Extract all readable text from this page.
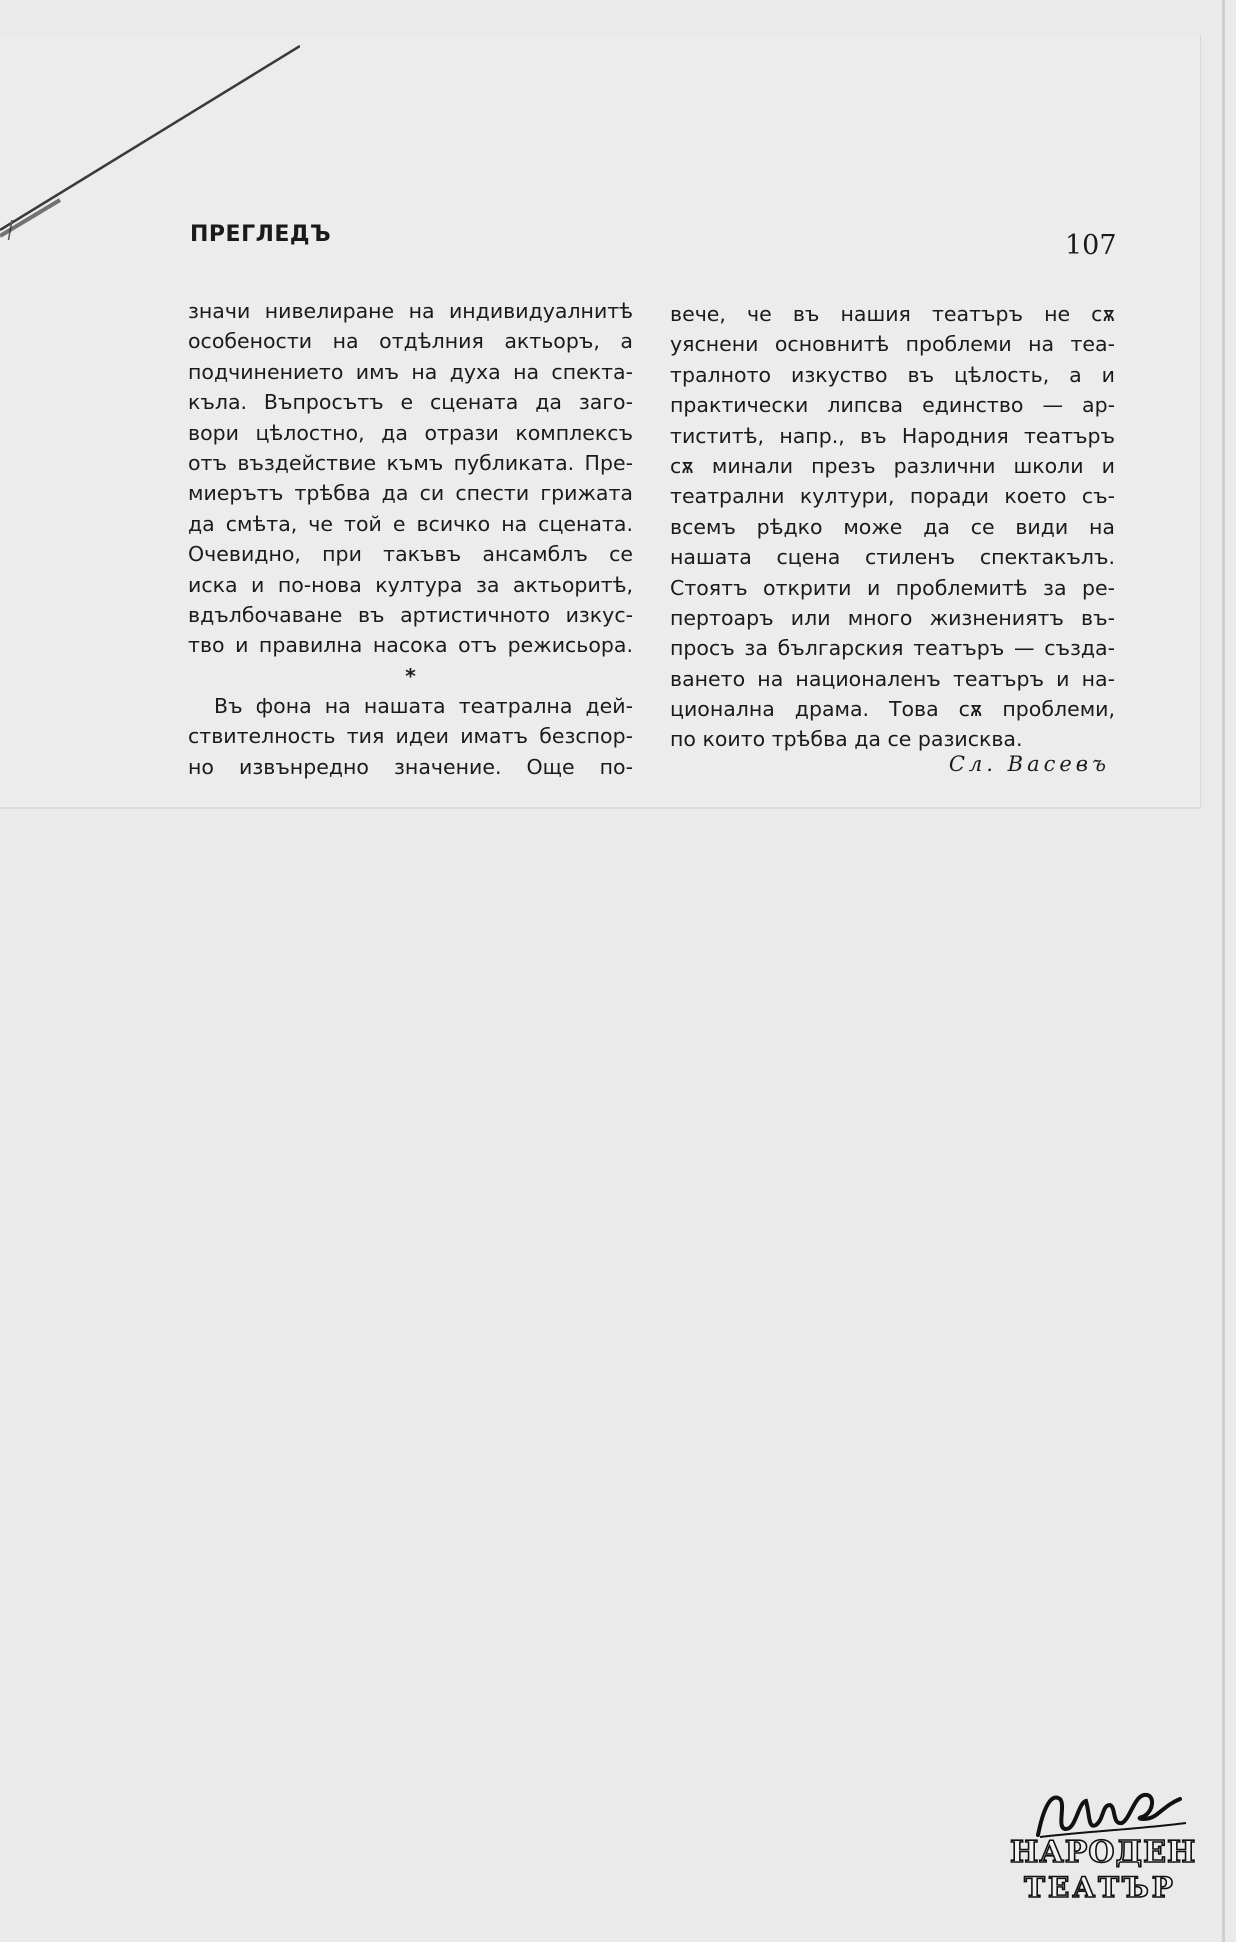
ПРЕГЛЕДЪ	107
значи нивелиране на индивидуалнитѣ
особености на отдѣлния актьоръ, а
подчинението имъ на духа на спекта-
къла. Въпросътъ е сцената да заго-
вори цѣлостно, да отрази комплексъ
отъ въздействие къмъ публиката. Пре-
миерътъ трѣбва да си спести грижата
да смѣта, че той е всичко на сцената.
Очевидно, при такъвъ ансамблъ се
иска и по-нова култура за актьоритѣ,
вдълбочаване въ артистичното изкус-
тво и правилна насока отъ режисьора.
*
Въ фона на нашата театрална дей-
ствителность тия идеи иматъ безспор-
но извънредно значение. Още по-
вече, че въ нашия театъръ не сѫ
уяснени основнитѣ проблеми на теа-
тралното изкуство въ цѣлость, а и
практически липсва единство — ар-
тиститѣ, напр., въ Народния театъръ
сѫ минали презъ различни школи и
театрални култури, поради което съ-
всемъ рѣдко може да се види на
нашата сцена стиленъ спектакълъ.
Стоятъ открити и проблемитѣ за ре-
пертоаръ или много жизнениятъ въ-
просъ за българския театъръ — създа-
ването на националенъ театъръ и на-
ционална драма. Това сѫ проблеми,
по които трѣбва да се разисква.
Сл. Васевъ
НАРОДЕН
ТЕАТЪР
